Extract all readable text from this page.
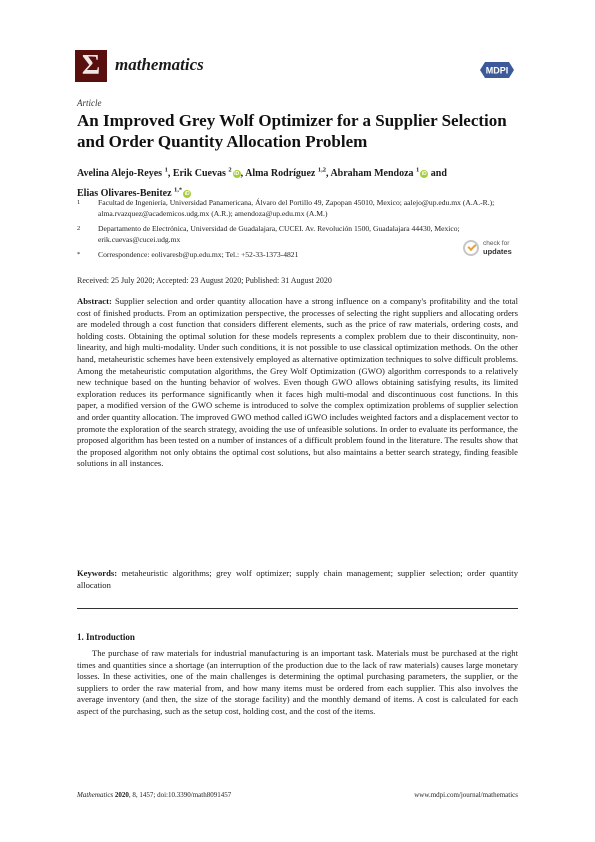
Σ mathematics	MDPI
Article
An Improved Grey Wolf Optimizer for a Supplier Selection and Order Quantity Allocation Problem
Avelina Alejo-Reyes $^1$, Erik Cuevas $^2$iD , Alma Rodríguez $^{1,2}$, Abraham Mendoza $^1$iD and
Elias Olivares-Benitez $^{1,*}$iD
1 Facultad de Ingeniería, Universidad Panamericana, Álvaro del Portillo 49, Zapopan 45010, Mexico; aalejo@up.edu.mx (A.A.-R.); alma.rvazquez@academicos.udg.mx (A.R.); amendoza@up.edu.mx (A.M.)
2 Departamento de Electrónica, Universidad de Guadalajara, CUCEI. Av. Revolución 1500, Guadalajara 44430, Mexico; erik.cuevas@cucei.udg.mx
* Correspondence: eolivaresb@up.edu.mx; Tel.: +52-33-1373-4821
check for
updates
Received: 25 July 2020; Accepted: 23 August 2020; Published: 31 August 2020

Abstract: Supplier selection and order quantity allocation have a strong influence on a company's profitability and the total cost of finished products. From an optimization perspective, the processes of selecting the right suppliers and allocating orders are modeled through a cost function that considers different elements, such as the price of raw materials, ordering costs, and holding costs. Obtaining the optimal solution for these models represents a complex problem due to their discontinuity, non-linearity, and high multi-modality. Under such conditions, it is not possible to use classical optimization methods. On the other hand, metaheuristic schemes have been extensively employed as alternative optimization techniques to solve difficult problems. Among the metaheuristic computation algorithms, the Grey Wolf Optimization (GWO) algorithm corresponds to a relatively new technique based on the hunting behavior of wolves. Even though GWO allows obtaining satisfying results, its limited exploration reduces its performance significantly when it faces high multi-modal and discontinuous cost functions. In this paper, a modified version of the GWO scheme is introduced to solve the complex optimization problems of supplier selection and order quantity allocation. The improved GWO method called iGWO includes weighted factors and a displacement vector to promote the exploration of the search strategy, avoiding the use of unfeasible solutions. In order to evaluate its performance, the proposed algorithm has been tested on a number of instances of a difficult problem found in the literature. The results show that the proposed algorithm not only obtains the optimal cost solutions, but also maintains a better search strategy, finding feasible solutions in all instances.

Keywords: metaheuristic algorithms; grey wolf optimizer; supply chain management; supplier selection; order quantity allocation

1. Introduction

The purchase of raw materials for industrial manufacturing is an important task. Materials must be purchased at the right times and quantities since a shortage (an interruption of the production due to the lack of raw materials) causes large monetary losses. In these activities, one of the main challenges is determining the optimal purchasing parameters, the supplier, or the suppliers to order the raw material from, and how many items must be ordered from each supplier. This also involves the average inventory (and then, the size of the storage facility) and the monthly demand of items. A cost is calculated for each aspect of the purchasing, such as the setup cost, holding cost, and the cost of the items.

Mathematics 2020, 8, 1457; doi:10.3390/math8091457	www.mdpi.com/journal/mathematics
